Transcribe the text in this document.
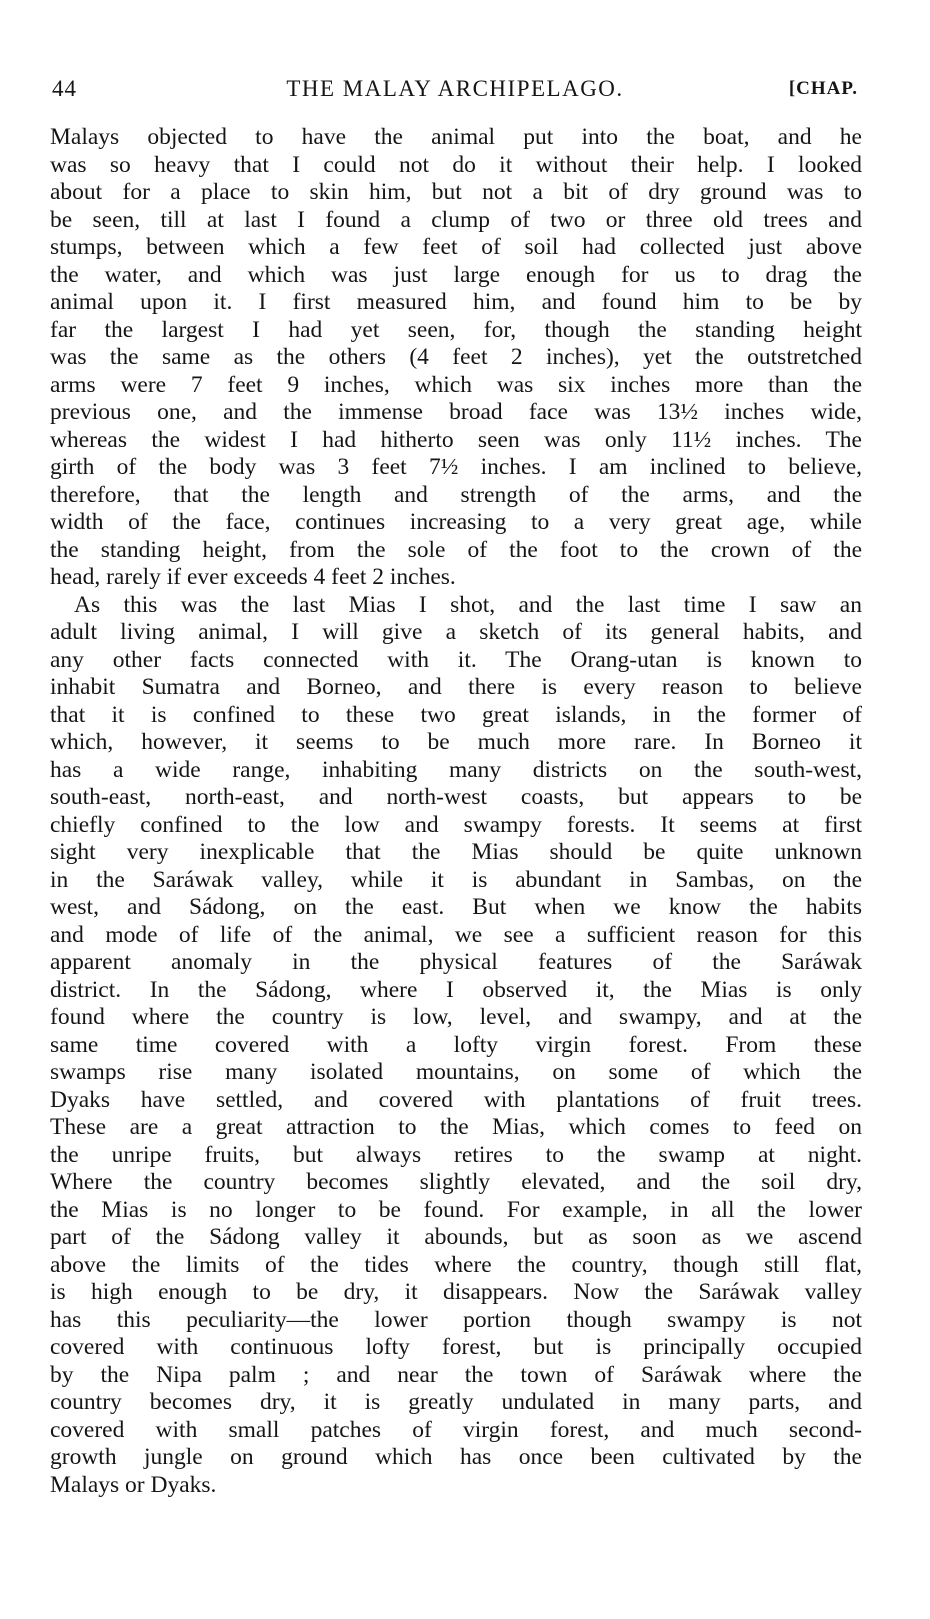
44	THE MALAY ARCHIPELAGO.	[CHAP.
Malays objected to have the animal put into the boat, and he
was so heavy that I could not do it without their help. I looked
about for a place to skin him, but not a bit of dry ground was to
be seen, till at last I found a clump of two or three old trees and
stumps, between which a few feet of soil had collected just above
the water, and which was just large enough for us to drag the
animal upon it. I first measured him, and found him to be by
far the largest I had yet seen, for, though the standing height
was the same as the others (4 feet 2 inches), yet the outstretched
arms were 7 feet 9 inches, which was six inches more than the
previous one, and the immense broad face was 13½ inches wide,
whereas the widest I had hitherto seen was only 11½ inches. The
girth of the body was 3 feet 7½ inches. I am inclined to believe,
therefore, that the length and strength of the arms, and the
width of the face, continues increasing to a very great age, while
the standing height, from the sole of the foot to the crown of the
head, rarely if ever exceeds 4 feet 2 inches.
As this was the last Mias I shot, and the last time I saw an
adult living animal, I will give a sketch of its general habits, and
any other facts connected with it. The Orang-utan is known to
inhabit Sumatra and Borneo, and there is every reason to believe
that it is confined to these two great islands, in the former of
which, however, it seems to be much more rare. In Borneo it
has a wide range, inhabiting many districts on the south-west,
south-east, north-east, and north-west coasts, but appears to be
chiefly confined to the low and swampy forests. It seems at first
sight very inexplicable that the Mias should be quite unknown
in the Saráwak valley, while it is abundant in Sambas, on the
west, and Sádong, on the east. But when we know the habits
and mode of life of the animal, we see a sufficient reason for this
apparent anomaly in the physical features of the Saráwak
district. In the Sádong, where I observed it, the Mias is only
found where the country is low, level, and swampy, and at the
same time covered with a lofty virgin forest. From these
swamps rise many isolated mountains, on some of which the
Dyaks have settled, and covered with plantations of fruit trees.
These are a great attraction to the Mias, which comes to feed on
the unripe fruits, but always retires to the swamp at night.
Where the country becomes slightly elevated, and the soil dry,
the Mias is no longer to be found. For example, in all the lower
part of the Sádong valley it abounds, but as soon as we ascend
above the limits of the tides where the country, though still flat,
is high enough to be dry, it disappears. Now the Saráwak valley
has this peculiarity—the lower portion though swampy is not
covered with continuous lofty forest, but is principally occupied
by the Nipa palm ; and near the town of Saráwak where the
country becomes dry, it is greatly undulated in many parts, and
covered with small patches of virgin forest, and much second-
growth jungle on ground which has once been cultivated by the
Malays or Dyaks.
